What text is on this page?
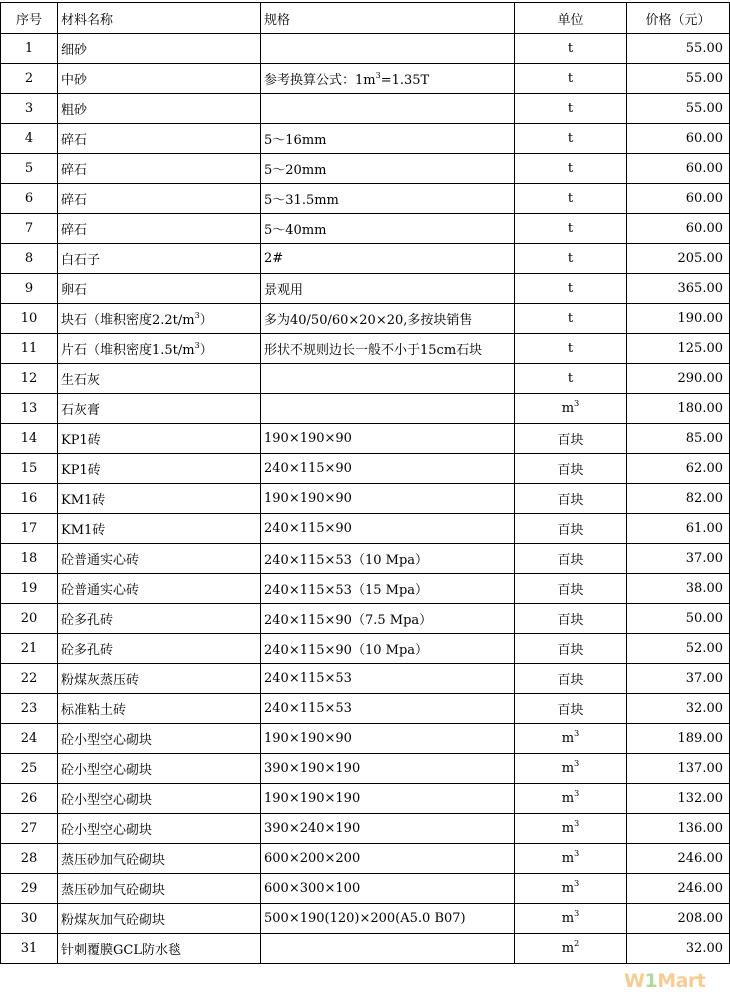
序号	材料名称	规格	单位	价格（元）
1	细砂		t	55.00
2	中砂	参考换算公式：$1m^3=1.35T$	t	55.00
3	粗砂		t	55.00
4	碎石	5～16mm	t	60.00
5	碎石	5～20mm	t	60.00
6	碎石	5～31.5mm	t	60.00
7	碎石	5～40mm	t	60.00
8	白石子	2#	t	205.00
9	卵石	景观用	t	365.00
10	块石（堆积密度$2.2t/m^3$）	多为40/50/60×20×20,多按块销售	t	190.00
11	片石（堆积密度$1.5t/m^3$）	形状不规则边长一般不小于15cm石块	t	125.00
12	生石灰		t	290.00
13	石灰膏		$m^3$	180.00
14	KP1砖	190×190×90	百块	85.00
15	KP1砖	240×115×90	百块	62.00
16	KM1砖	190×190×90	百块	82.00
17	KM1砖	240×115×90	百块	61.00
18	砼普通实心砖	240×115×53（10 Mpa）	百块	37.00
19	砼普通实心砖	240×115×53（15 Mpa）	百块	38.00
20	砼多孔砖	240×115×90（7.5 Mpa）	百块	50.00
21	砼多孔砖	240×115×90（10 Mpa）	百块	52.00
22	粉煤灰蒸压砖	240×115×53	百块	37.00
23	标准粘土砖	240×115×53	百块	32.00
24	砼小型空心砌块	190×190×90	$m^3$	189.00
25	砼小型空心砌块	390×190×190	$m^3$	137.00
26	砼小型空心砌块	190×190×190	$m^3$	132.00
27	砼小型空心砌块	390×240×190	$m^3$	136.00
28	蒸压砂加气砼砌块	600×200×200	$m^3$	246.00
29	蒸压砂加气砼砌块	600×300×100	$m^3$	246.00
30	粉煤灰加气砼砌块	500×190(120)×200(A5.0 B07)	$m^3$	208.00
31	针刺覆膜GCL防水毯		$m^2$	32.00
W1Mart
